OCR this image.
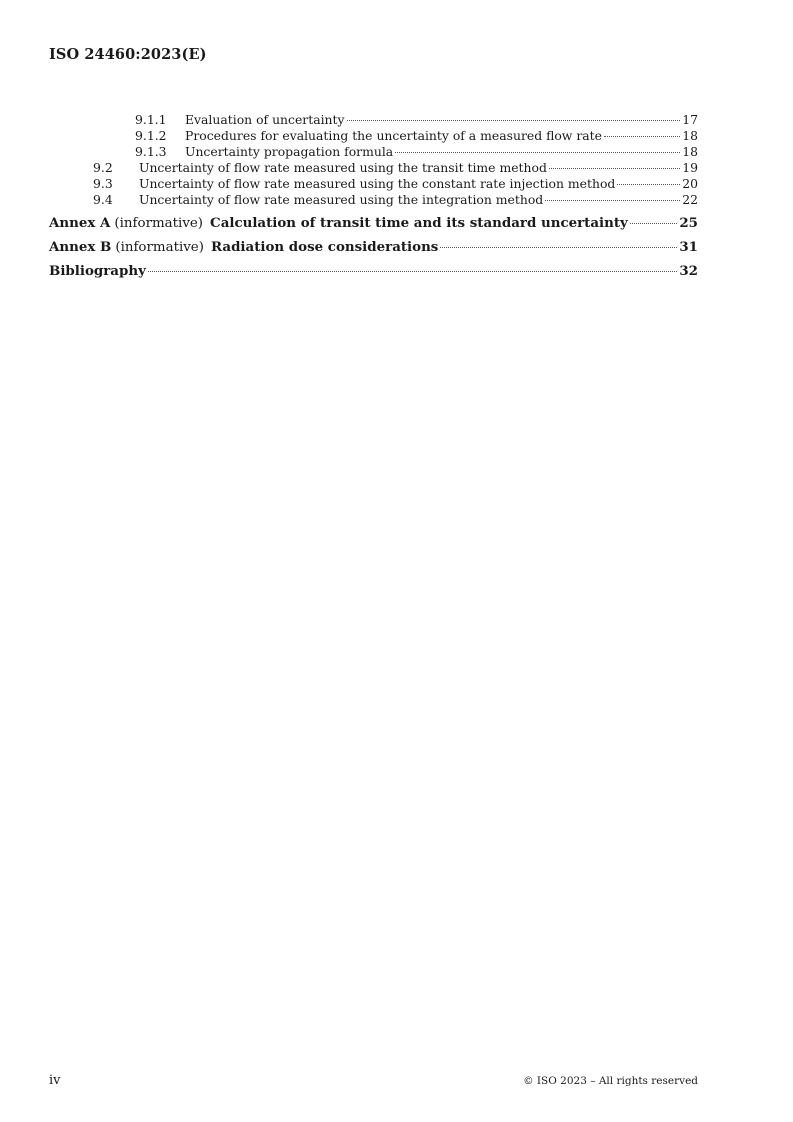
ISO 24460:2023(E)
9.1.1	Evaluation of uncertainty	17
9.1.2	Procedures for evaluating the uncertainty of a measured flow rate	18
9.1.3	Uncertainty propagation formula	18
9.2	Uncertainty of flow rate measured using the transit time method	19
9.3	Uncertainty of flow rate measured using the constant rate injection method	20
9.4	Uncertainty of flow rate measured using the integration method	22
Annex A (informative) Calculation of transit time and its standard uncertainty	25
Annex B (informative) Radiation dose considerations	31
Bibliography	32
iv	© ISO 2023 – All rights reserved
